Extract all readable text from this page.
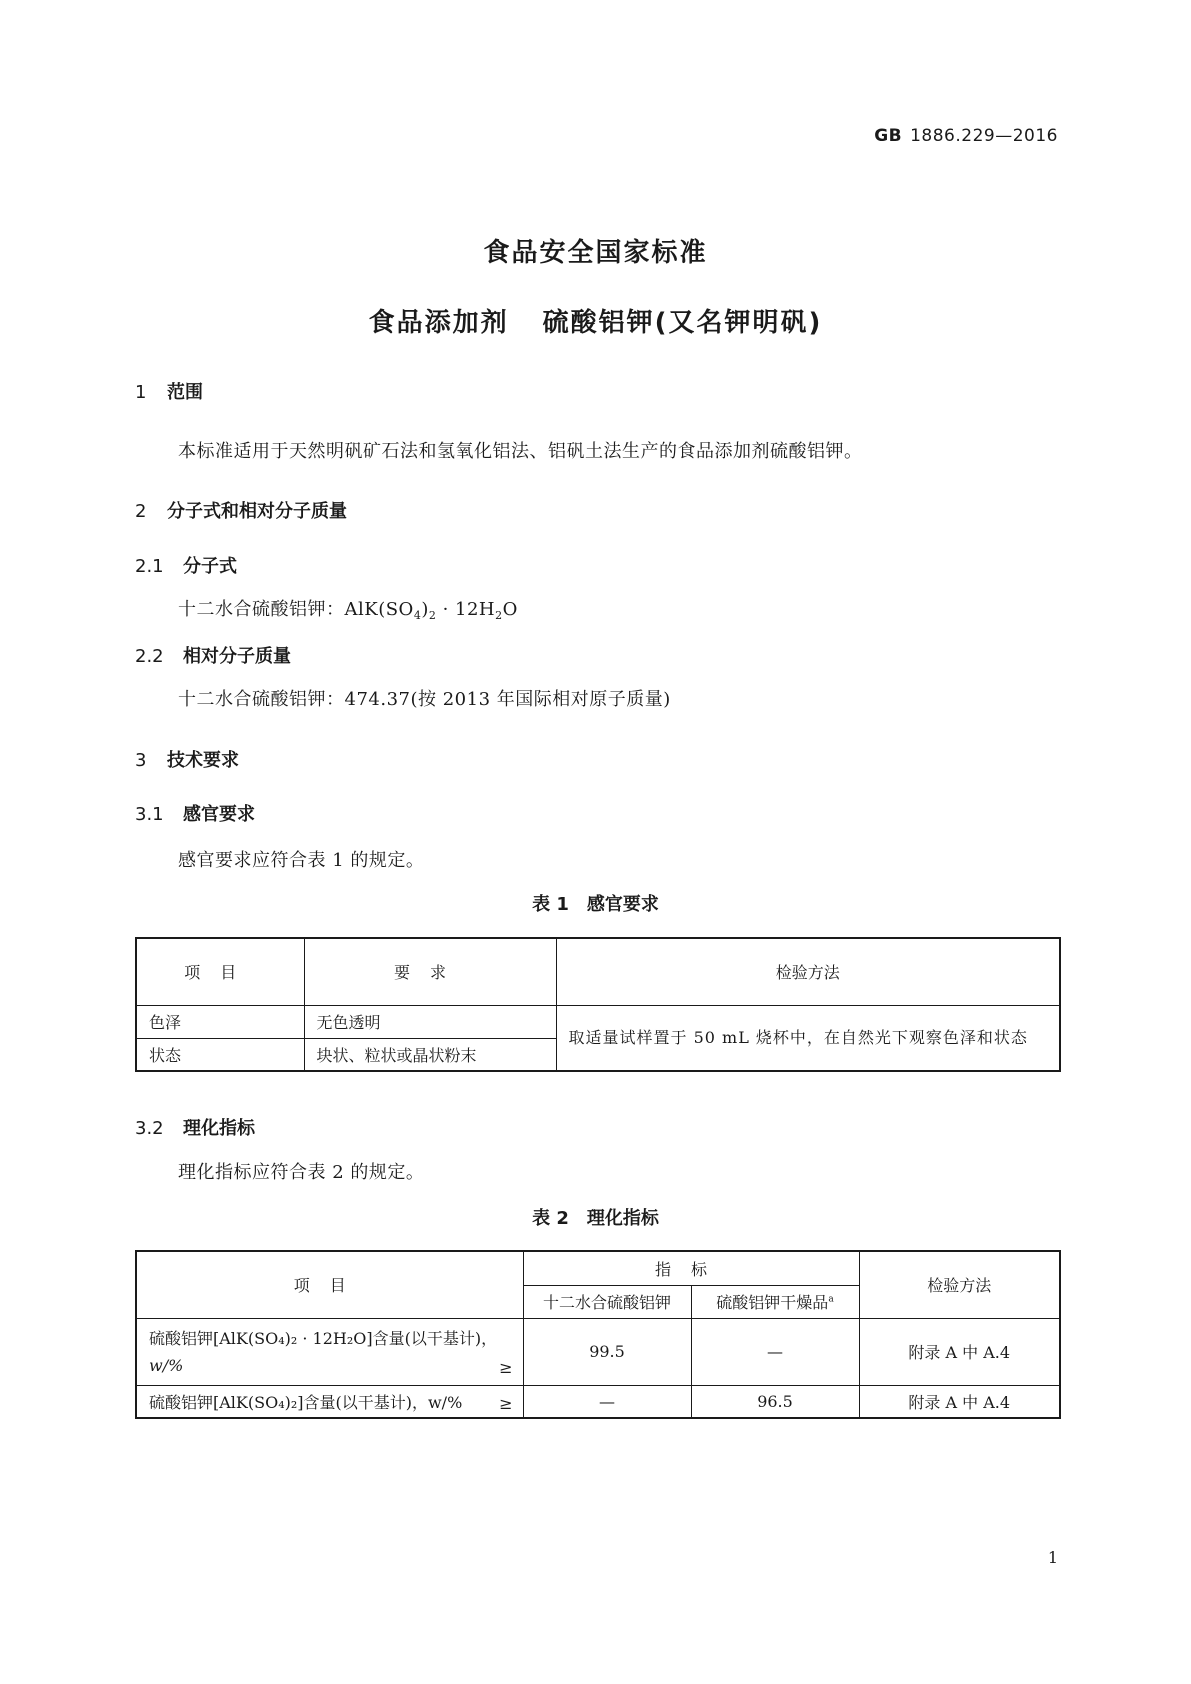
GB 1886.229—2016
食品安全国家标准
食品添加剂 硫酸铝钾(又名钾明矾)
1 范围
本标准适用于天然明矾矿石法和氢氧化铝法、铝矾土法生产的食品添加剂硫酸铝钾。
2 分子式和相对分子质量
2.1 分子式
十二水合硫酸铝钾：$AlK(SO_4)_2 \cdot 12H_2O$
2.2 相对分子质量
十二水合硫酸铝钾：474.37(按 2013 年国际相对原子质量)
3 技术要求
3.1 感官要求
感官要求应符合表 1 的规定。
表 1 感官要求
项目	要求	检验方法
色泽	无色透明	取适量试样置于 50 mL 烧杯中，在自然光下观察色泽和状态
状态	块状、粒状或晶状粉末	
3.2 理化指标
理化指标应符合表 2 的规定。
表 2 理化指标
项目	指标		检验方法
	十二水合硫酸铝钾	硫酸铝钾干燥品$^a$

硫酸铝钾[AlK(SO₄)₂ · 12H₂O]含量(以干基计)，
w/% ≥	99.5	—	附录 A 中 A.4
硫酸铝钾[AlK(SO₄)₂]含量(以干基计)，w/% ≥	—	96.5	附录 A 中 A.4
1
